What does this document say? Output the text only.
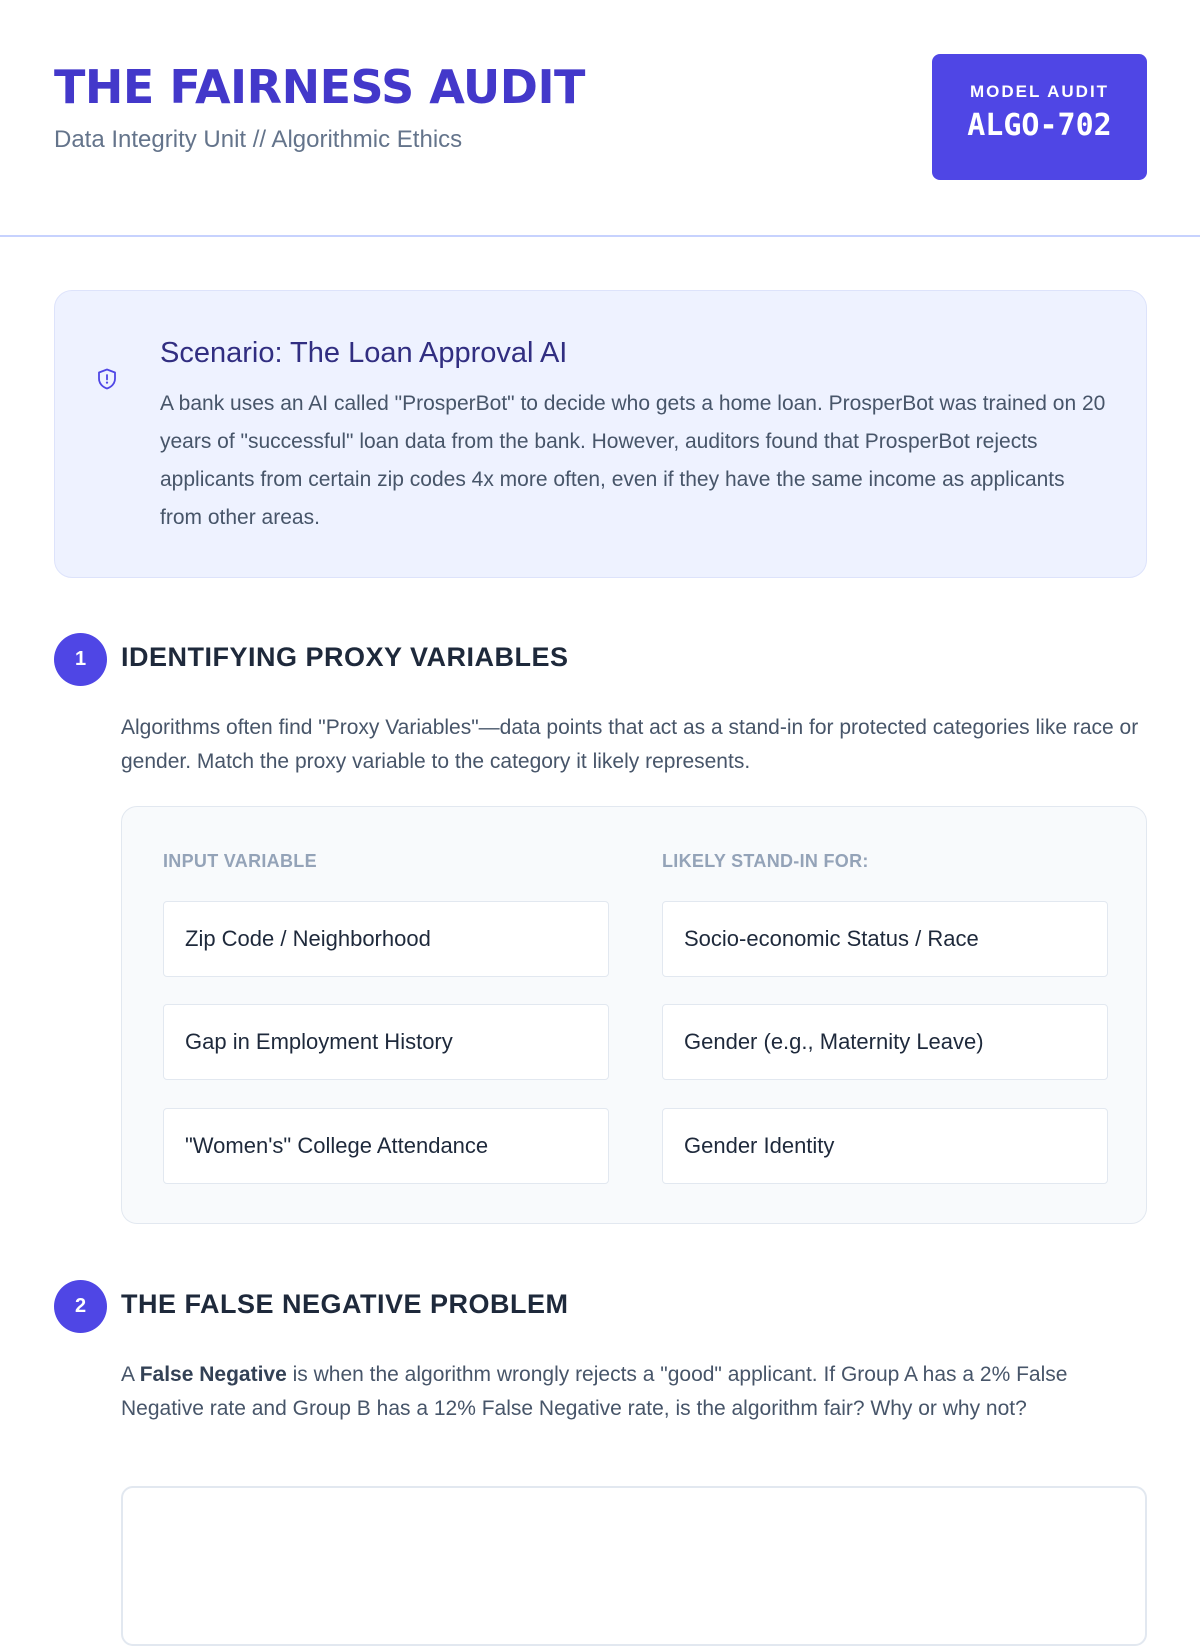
THE FAIRNESS AUDIT
Data Integrity Unit // Algorithmic Ethics
MODEL AUDIT
ALGO-702
Scenario: The Loan Approval AI

A bank uses an AI called "ProsperBot" to decide who gets a home loan. ProsperBot was trained on 20 years of "successful" loan data from the bank. However, auditors found that ProsperBot rejects applicants from certain zip codes 4x more often, even if they have the same income as applicants from other areas.

1	IDENTIFYING PROXY VARIABLES

Algorithms often find "Proxy Variables"—data points that act as a stand-in for protected categories like race or gender. Match the proxy variable to the category it likely represents.

INPUT VARIABLE	LIKELY STAND-IN FOR:
Zip Code / Neighborhood	Socio-economic Status / Race
Gap in Employment History	Gender (e.g., Maternity Leave)
"Women's" College Attendance	Gender Identity
2	THE FALSE NEGATIVE PROBLEM

A False Negative is when the algorithm wrongly rejects a "good" applicant. If Group A has a 2% False Negative rate and Group B has a 12% False Negative rate, is the algorithm fair? Why or why not?
